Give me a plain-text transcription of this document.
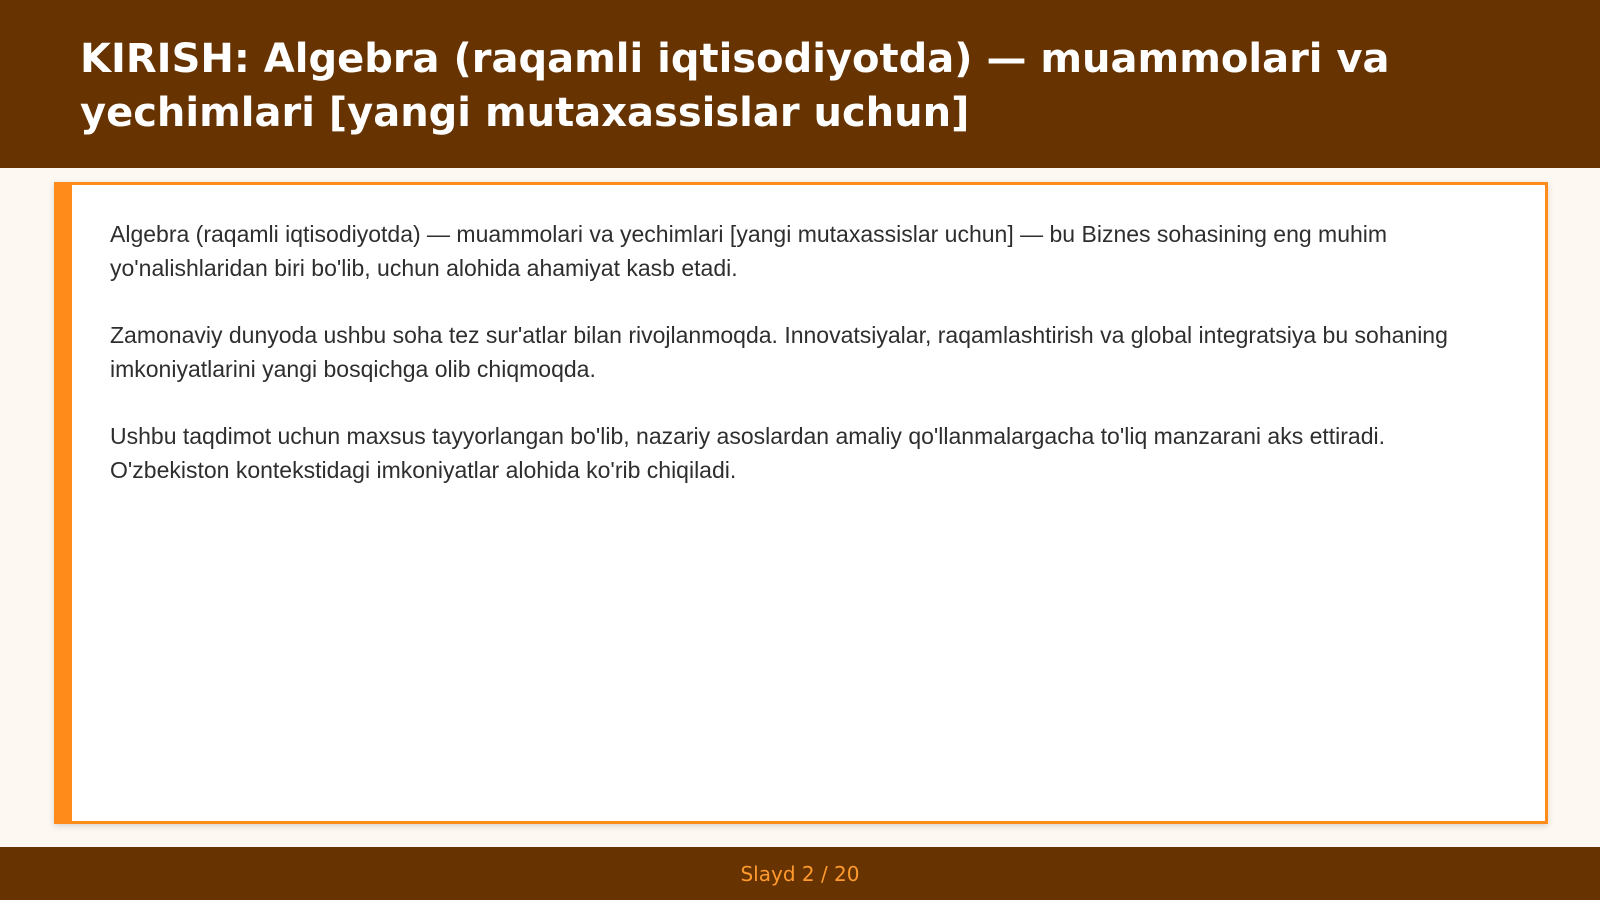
KIRISH: Algebra (raqamli iqtisodiyotda) — muammolari va yechimlari [yangi mutaxassislar uchun]

Algebra (raqamli iqtisodiyotda) — muammolari va yechimlari [yangi mutaxassislar uchun] — bu Biznes sohasining eng muhim yo'nalishlaridan biri bo'lib, uchun alohida ahamiyat kasb etadi.

Zamonaviy dunyoda ushbu soha tez sur'atlar bilan rivojlanmoqda. Innovatsiyalar, raqamlashtirish va global integratsiya bu sohaning imkoniyatlarini yangi bosqichga olib chiqmoqda.

Ushbu taqdimot uchun maxsus tayyorlangan bo'lib, nazariy asoslardan amaliy qo'llanmalargacha to'liq manzarani aks ettiradi. O'zbekiston kontekstidagi imkoniyatlar alohida ko'rib chiqiladi.

Slayd 2 / 20
